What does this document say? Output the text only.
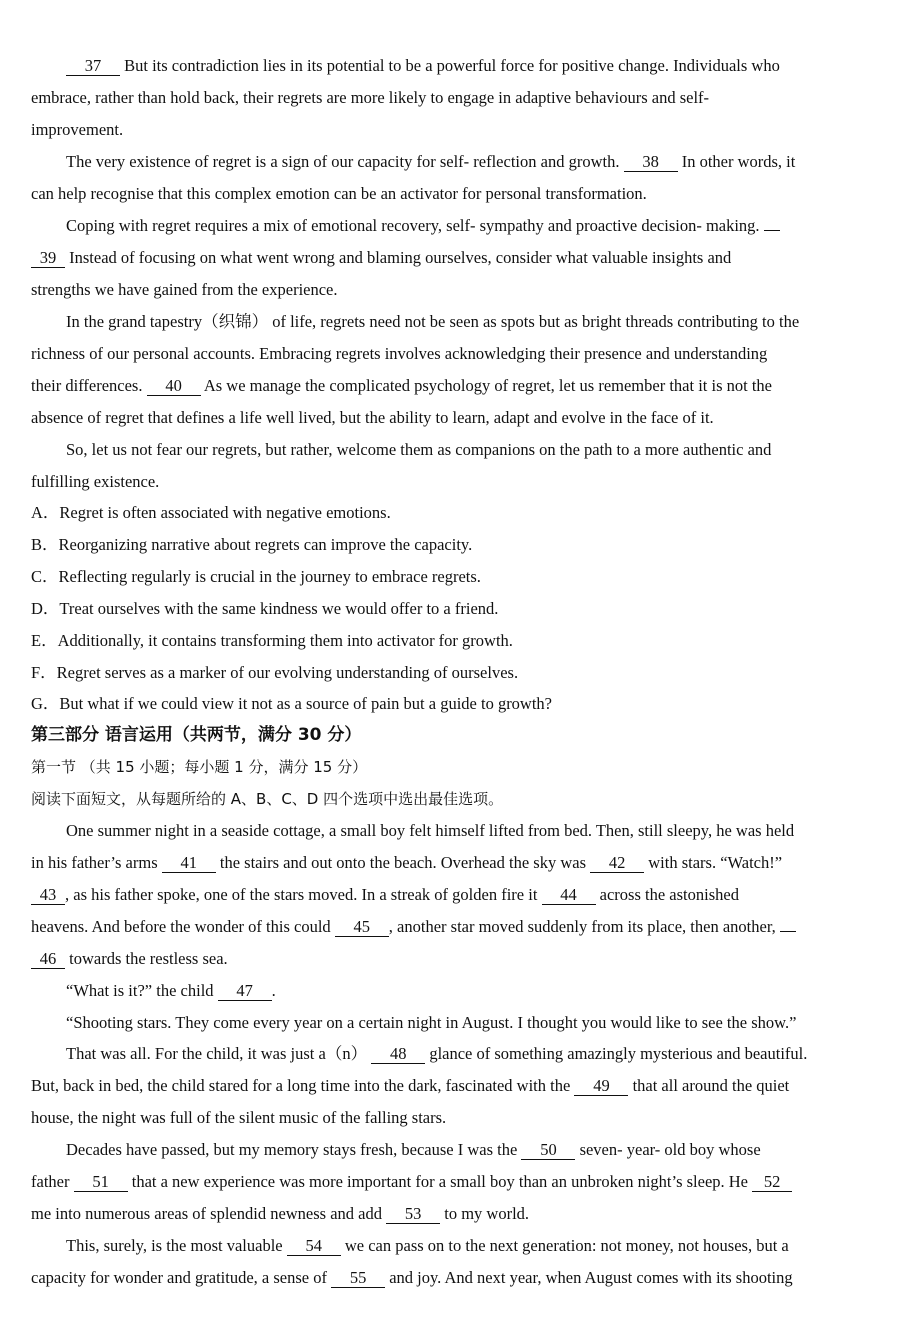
37 But its contradiction lies in its potential to be a powerful force for positive change. Individuals who
embrace, rather than hold back, their regrets are more likely to engage in adaptive behaviours and self-
improvement.
The very existence of regret is a sign of our capacity for self- reflection and growth. 38 In other words, it
can help recognise that this complex emotion can be an activator for personal transformation.
Coping with regret requires a mix of emotional recovery, self- sympathy and proactive decision- making.
39 Instead of focusing on what went wrong and blaming ourselves, consider what valuable insights and
strengths we have gained from the experience.
In the grand tapestry（织锦） of life, regrets need not be seen as spots but as bright threads contributing to the
richness of our personal accounts. Embracing regrets involves acknowledging their presence and understanding
their differences. 40 As we manage the complicated psychology of regret, let us remember that it is not the
absence of regret that defines a life well lived, but the ability to learn, adapt and evolve in the face of it.
So, let us not fear our regrets, but rather, welcome them as companions on the path to a more authentic and
fulfilling existence.
A．Regret is often associated with negative emotions.
B．Reorganizing narrative about regrets can improve the capacity.
C．Reflecting regularly is crucial in the journey to embrace regrets.
D．Treat ourselves with the same kindness we would offer to a friend.
E．Additionally, it contains transforming them into activator for growth.
F．Regret serves as a marker of our evolving understanding of ourselves.
G．But what if we could view it not as a source of pain but a guide to growth?
第三部分 语言运用（共两节，满分 30 分）
第一节 （共 15 小题；每小题 1 分，满分 15 分）
阅读下面短文，从每题所给的 A、B、C、D 四个选项中选出最佳选项。
One summer night in a seaside cottage, a small boy felt himself lifted from bed. Then, still sleepy, he was held
in his father’s arms 41 the stairs and out onto the beach. Overhead the sky was 42 with stars. “Watch!”
43 , as his father spoke, one of the stars moved. In a streak of golden fire it 44 across the astonished
heavens. And before the wonder of this could 45 , another star moved suddenly from its place, then another,
46 towards the restless sea.
“What is it?” the child 47 .
“Shooting stars. They come every year on a certain night in August. I thought you would like to see the show.”
That was all. For the child, it was just a（n） 48 glance of something amazingly mysterious and beautiful.
But, back in bed, the child stared for a long time into the dark, fascinated with the 49 that all around the quiet
house, the night was full of the silent music of the falling stars.
Decades have passed, but my memory stays fresh, because I was the 50 seven- year- old boy whose
father 51 that a new experience was more important for a small boy than an unbroken night’s sleep. He 52
me into numerous areas of splendid newness and add 53 to my world.
This, surely, is the most valuable 54 we can pass on to the next generation: not money, not houses, but a
capacity for wonder and gratitude, a sense of 55 and joy. And next year, when August comes with its shooting
